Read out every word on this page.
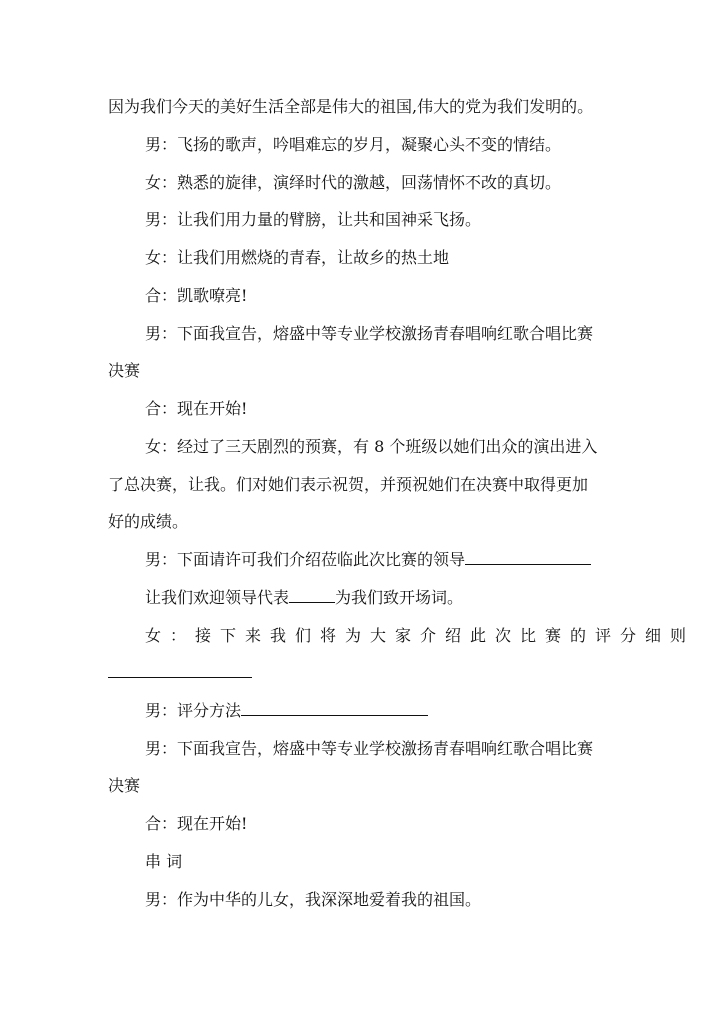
因为我们今天的美好生活全部是伟大的祖国,伟大的党为我们发明的。
男：飞扬的歌声，吟唱难忘的岁月，凝聚心头不变的情结。
女：熟悉的旋律，演绎时代的激越，回荡情怀不改的真切。
男：让我们用力量的臂膀，让共和国神采飞扬。
女：让我们用燃烧的青春，让故乡的热土地
合：凯歌嘹亮!
男：下面我宣告，熔盛中等专业学校激扬青春唱响红歌合唱比赛
决赛
合：现在开始!
女：经过了三天剧烈的预赛，有 8 个班级以她们出众的演出进入
了总决赛，让我。们对她们表示祝贺，并预祝她们在决赛中取得更加
好的成绩。
男：下面请许可我们介绍莅临此次比赛的领导
让我们欢迎领导代表	为我们致开场词。
女：接下来我们将为大家介绍此次比赛的评分细则
男：评分方法
男：下面我宣告，熔盛中等专业学校激扬青春唱响红歌合唱比赛
决赛
合：现在开始!
串 词
男：作为中华的儿女，我深深地爱着我的祖国。
